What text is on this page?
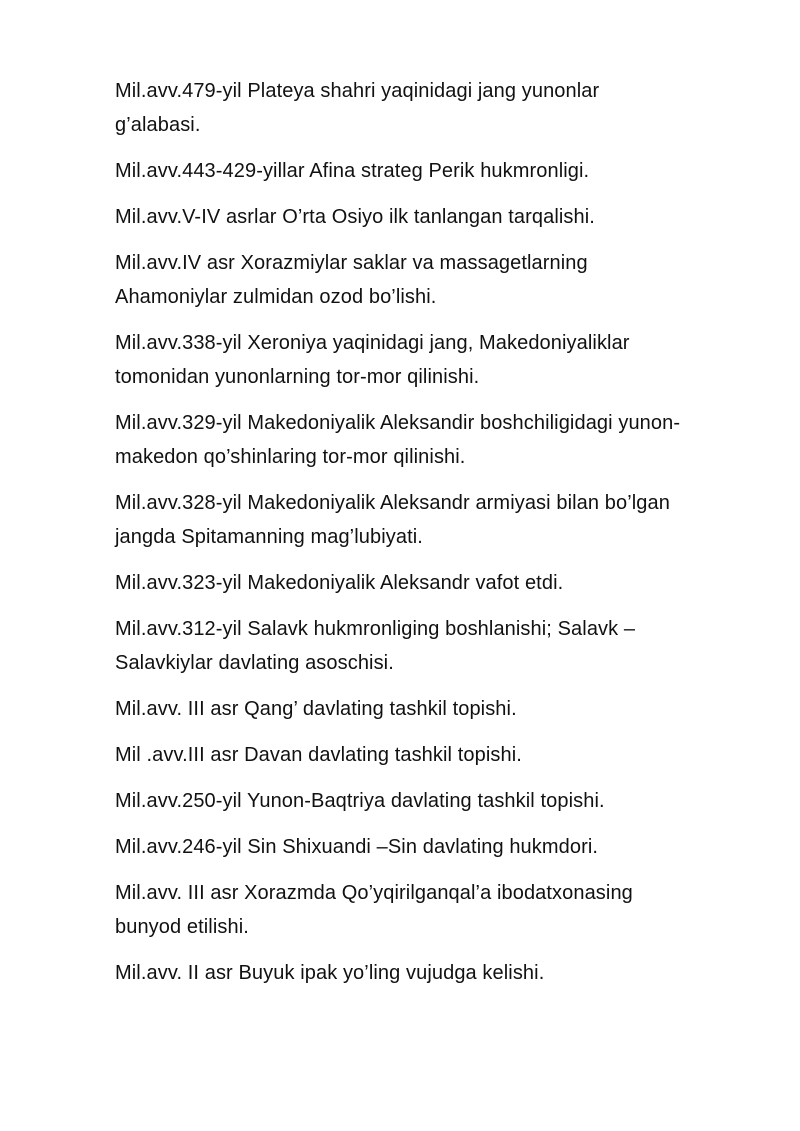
Mil.avv.479-yil Plateya shahri yaqinidagi jang yunonlar
g’alabasi.

Mil.avv.443-429-yillar Afina strateg Perik hukmronligi.

Mil.avv.V-IV asrlar O’rta Osiyo ilk tanlangan tarqalishi.

Mil.avv.IV asr Xorazmiylar saklar va massagetlarning
Ahamoniylar zulmidan ozod bo’lishi.

Mil.avv.338-yil Xeroniya yaqinidagi jang, Makedoniyaliklar
tomonidan yunonlarning tor-mor qilinishi.

Mil.avv.329-yil Makedoniyalik Aleksandir boshchiligidagi yunon-
makedon qo’shinlaring tor-mor qilinishi.

Mil.avv.328-yil Makedoniyalik Aleksandr armiyasi bilan bo’lgan
jangda Spitamanning mag’lubiyati.

Mil.avv.323-yil Makedoniyalik Aleksandr vafot etdi.

Mil.avv.312-yil Salavk hukmronliging boshlanishi; Salavk –
Salavkiylar davlating asoschisi.

Mil.avv. III asr Qang’ davlating tashkil topishi.

Mil .avv.III asr Davan davlating tashkil topishi.

Mil.avv.250-yil Yunon-Baqtriya davlating tashkil topishi.

Mil.avv.246-yil Sin Shixuandi –Sin davlating hukmdori.

Mil.avv. III asr Xorazmda Qo’yqirilganqal’a ibodatxonasing
bunyod etilishi.

Mil.avv. II asr Buyuk ipak yo’ling vujudga kelishi.
